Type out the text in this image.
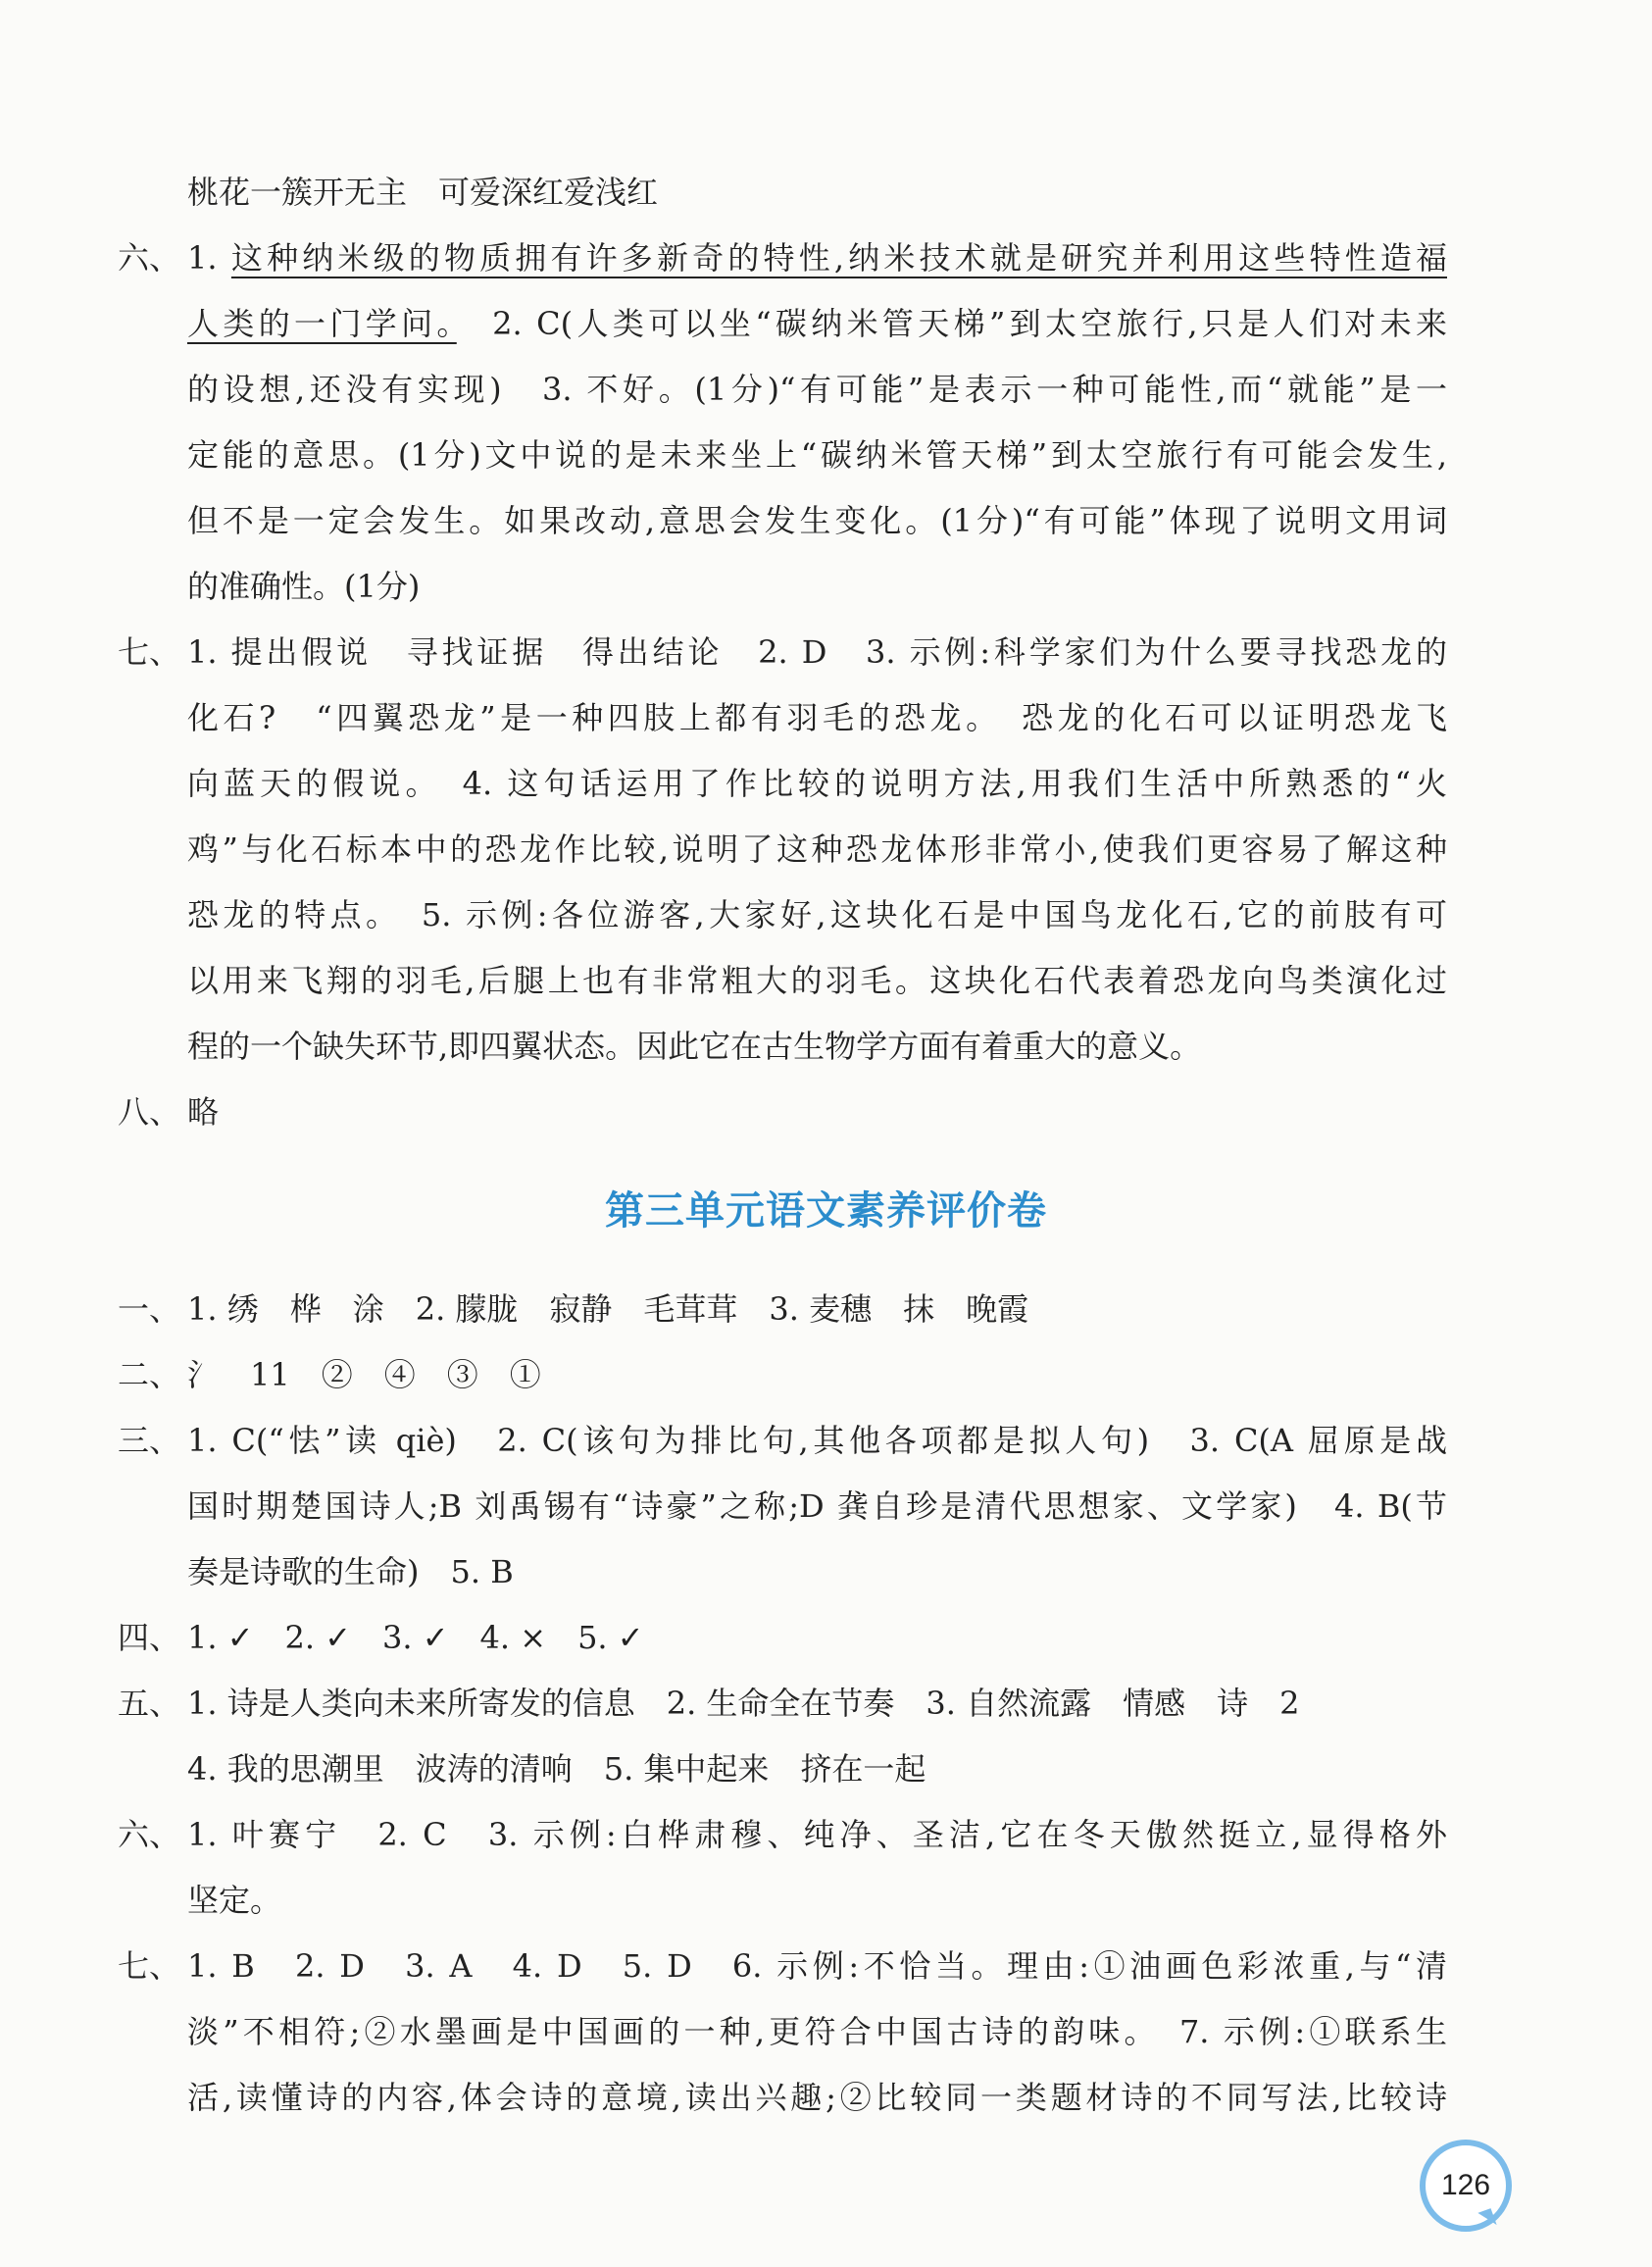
桃花一簇开无主　可爱深红爱浅红
六、 1. 这种纳米级的物质拥有许多新奇的特性,纳米技术就是研究并利用这些特性造福
人类的一门学问。　2. C(人类可以坐“碳纳米管天梯”到太空旅行,只是人们对未来
的设想,还没有实现)　3. 不好。(1分)“有可能”是表示一种可能性,而“就能”是一
定能的意思。(1分)文中说的是未来坐上“碳纳米管天梯”到太空旅行有可能会发生,
但不是一定会发生。如果改动,意思会发生变化。(1分)“有可能”体现了说明文用词
的准确性。(1分)
七、 1. 提出假说　寻找证据　得出结论　2. D　3. 示例:科学家们为什么要寻找恐龙的
化石?　“四翼恐龙”是一种四肢上都有羽毛的恐龙。　恐龙的化石可以证明恐龙飞
向蓝天的假说。　4. 这句话运用了作比较的说明方法,用我们生活中所熟悉的“火
鸡”与化石标本中的恐龙作比较,说明了这种恐龙体形非常小,使我们更容易了解这种
恐龙的特点。　5. 示例:各位游客,大家好,这块化石是中国鸟龙化石,它的前肢有可
以用来飞翔的羽毛,后腿上也有非常粗大的羽毛。这块化石代表着恐龙向鸟类演化过
程的一个缺失环节,即四翼状态。因此它在古生物学方面有着重大的意义。
八、 略
第三单元语文素养评价卷
一、 1. 绣　桦　涂　2. 朦胧　寂静　毛茸茸　3. 麦穗　抹　晚霞
二、 氵　11　②　④　③　①
三、 1. C(“怯”读 qiè)　2. C(该句为排比句,其他各项都是拟人句)　3. C(A 屈原是战
国时期楚国诗人;B 刘禹锡有“诗豪”之称;D 龚自珍是清代思想家、文学家)　4. B(节
奏是诗歌的生命)　5. B
四、 1. ✓　2. ✓　3. ✓　4. ×　5. ✓
五、 1. 诗是人类向未来所寄发的信息　2. 生命全在节奏　3. 自然流露　情感　诗　2
4. 我的思潮里　波涛的清响　5. 集中起来　挤在一起
六、 1. 叶赛宁　2. C　3. 示例:白桦肃穆、纯净、圣洁,它在冬天傲然挺立,显得格外
坚定。
七、 1. B　2. D　3. A　4. D　5. D　6. 示例:不恰当。理由:①油画色彩浓重,与“清
淡”不相符;②水墨画是中国画的一种,更符合中国古诗的韵味。　7. 示例:①联系生
活,读懂诗的内容,体会诗的意境,读出兴趣;②比较同一类题材诗的不同写法,比较诗
126
